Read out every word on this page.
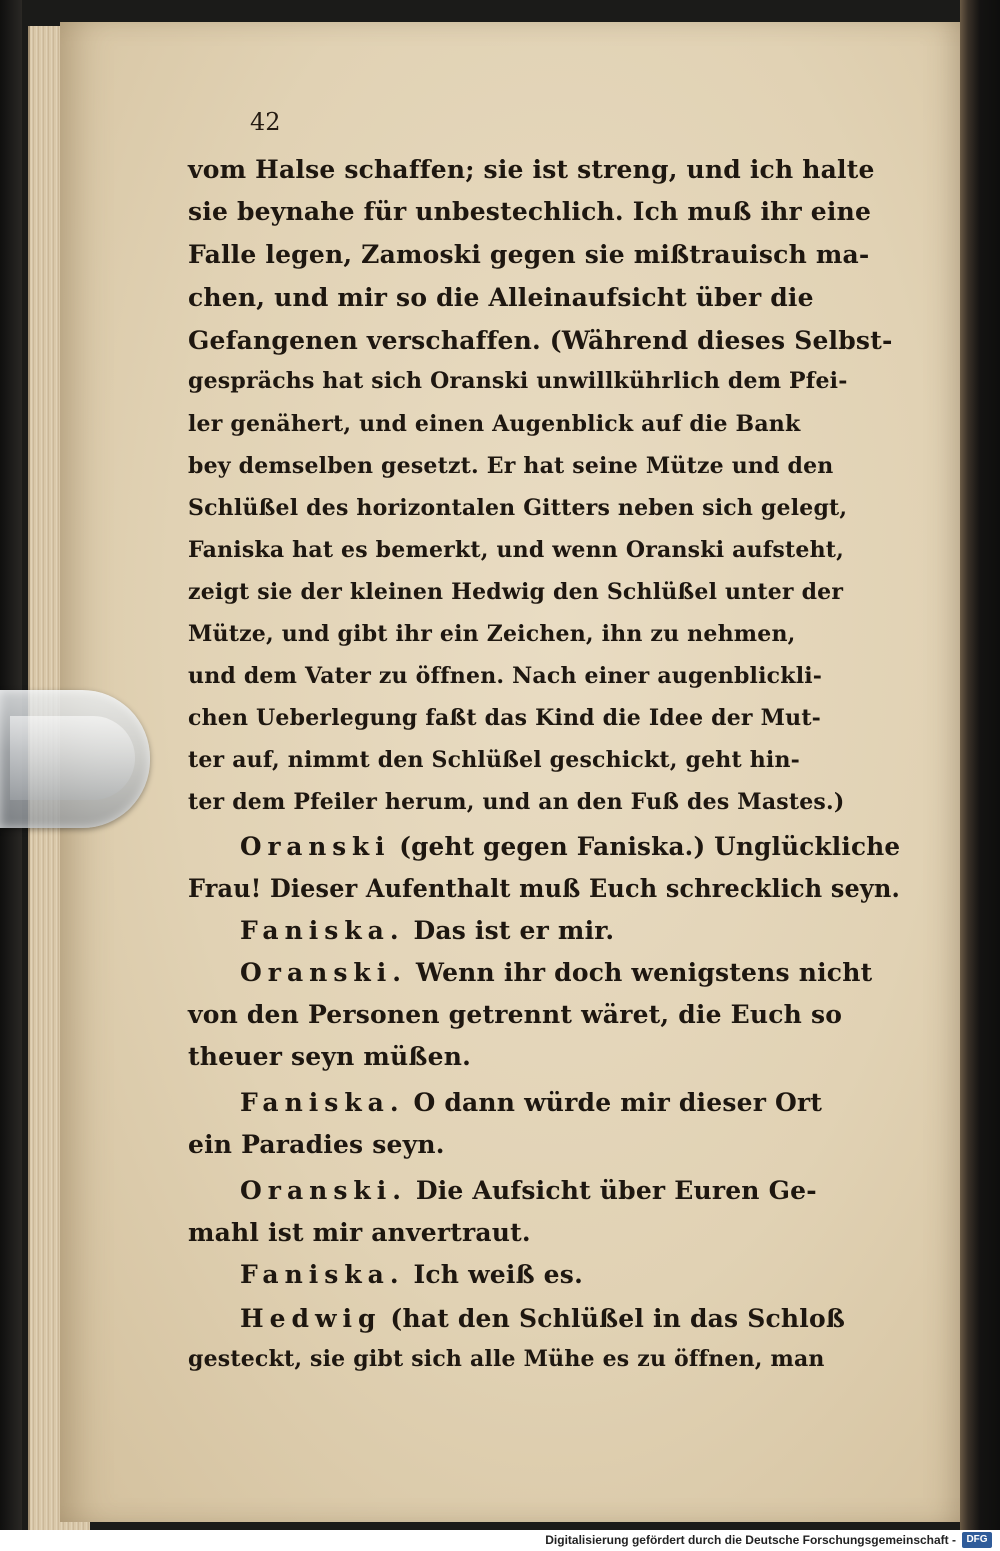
42
vom Halse schaffen; sie ist streng, und ich halte
sie beynahe für unbestechlich. Ich muß ihr eine
Falle legen, Zamoski gegen sie mißtrauisch ma-
chen, und mir so die Alleinaufsicht über die
Gefangenen verschaffen. (Während dieses Selbst-
gesprächs hat sich Oranski unwillkührlich dem Pfei-
ler genähert, und einen Augenblick auf die Bank
bey demselben gesetzt. Er hat seine Mütze und den
Schlüßel des horizontalen Gitters neben sich gelegt,
Faniska hat es bemerkt, und wenn Oranski aufsteht,
zeigt sie der kleinen Hedwig den Schlüßel unter der
Mütze, und gibt ihr ein Zeichen, ihn zu nehmen,
und dem Vater zu öffnen. Nach einer augenblickli-
chen Ueberlegung faßt das Kind die Idee der Mut-
ter auf, nimmt den Schlüßel geschickt, geht hin-
ter dem Pfeiler herum, und an den Fuß des Mastes.)
Oranski (geht gegen Faniska.) Unglückliche
Frau! Dieser Aufenthalt muß Euch schrecklich seyn.
Faniska. Das ist er mir.
Oranski. Wenn ihr doch wenigstens nicht
von den Personen getrennt wäret, die Euch so
theuer seyn müßen.
Faniska. O dann würde mir dieser Ort
ein Paradies seyn.
Oranski. Die Aufsicht über Euren Ge-
mahl ist mir anvertraut.
Faniska. Ich weiß es.
Hedwig (hat den Schlüßel in das Schloß
gesteckt, sie gibt sich alle Mühe es zu öffnen, man
Digitalisierung gefördert durch die Deutsche Forschungsgemeinschaft -	DFG
